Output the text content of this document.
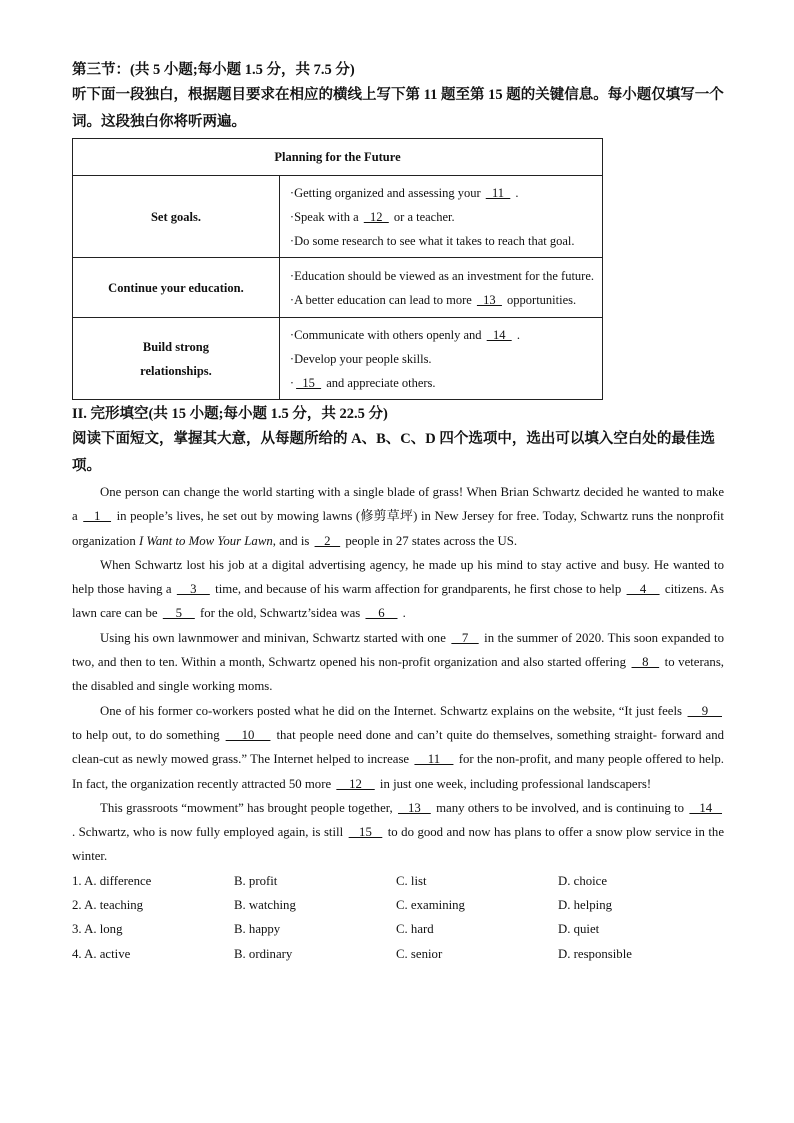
第三节：(共 5 小题;每小题 1.5 分，共 7.5 分)

听下面一段独白，根据题目要求在相应的横线上写下第 11 题至第 15 题的关键信息。每小题仅填写一个词。这段独白你将听两遍。

Planning for the Future	
Set goals.	·Getting organized and assessing your   11   .
·Speak with a   12   or a teacher.
·Do some research to see what it takes to reach that goal.

Continue your education.	·Education should be viewed as an investment for the future.
·A better education can lead to more   13   opportunities.

Build strong relationships.	·Communicate with others openly and   14   .
·Develop your people skills.
·  15   and appreciate others.
II. 完形填空(共 15 小题;每小题 1.5 分，共 22.5 分)

阅读下面短文，掌握其大意，从每题所给的 A、B、C、D 四个选项中，选出可以填入空白处的最佳选项。

One person can change the world starting with a single blade of grass! When Brian Schwartz decided he wanted to make a    1    in people’s lives, he set out by mowing lawns (修剪草坪) in New Jersey for free. Today, Schwartz runs the nonprofit organization I Want to Mow Your Lawn, and is    2    people in 27 states across the US.

When Schwartz lost his job at a digital advertising agency, he made up his mind to stay active and busy. He wanted to help those having a     3     time, and because of his warm affection for grandparents, he first chose to help     4     citizens. As lawn care can be     5     for the old, Schwartz’sidea was     6     .

Using his own lawnmower and minivan, Schwartz started with one    7    in the summer of 2020. This soon expanded to two, and then to ten. Within a month, Schwartz opened his non-profit organization and also started offering    8    to veterans, the disabled and single working moms.

One of his former co-workers posted what he did on the Internet. Schwartz explains on the website, “It just feels     9     to help out, to do something     10     that people need done and can’t quite do themselves, something straight- forward and clean-cut as newly mowed grass.” The Internet helped to increase     11     for the non-profit, and many people offered to help. In fact, the organization recently attracted 50 more     12     in just one week, including professional landscapers!

This grassroots “mowment” has brought people together,    13    many others to be involved, and is continuing to    14    . Schwartz, who is now fully employed again, is still    15    to do good and now has plans to offer a snow plow service in the winter.

1. A. difference	B. profit	C. list	D. choice
2. A. teaching	B. watching	C. examining	D. helping
3. A. long	B. happy	C. hard	D. quiet
4. A. active	B. ordinary	C. senior	D. responsible
